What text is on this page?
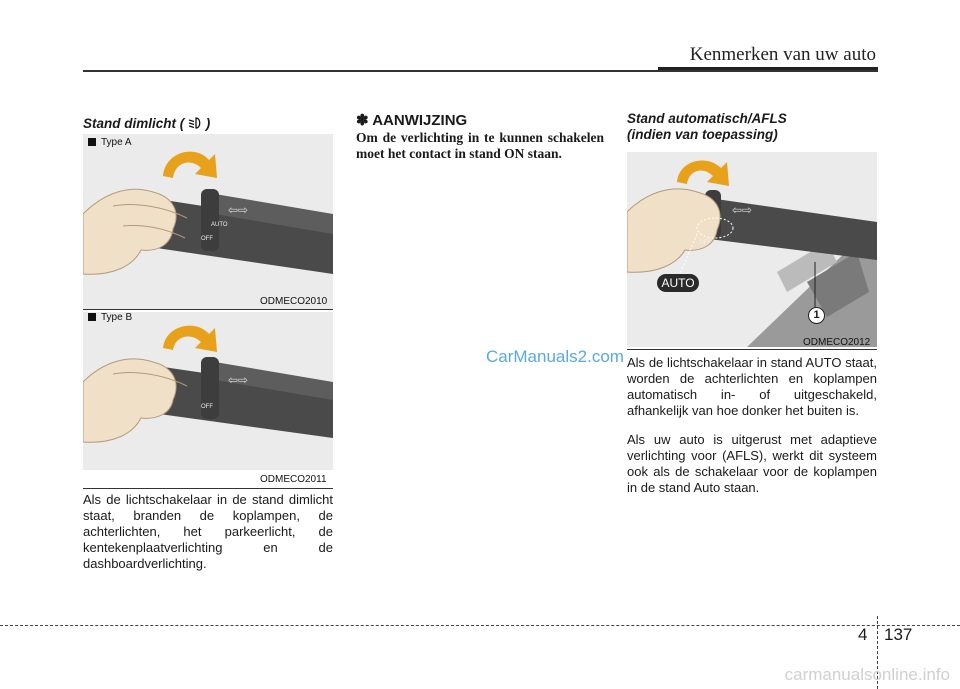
Kenmerken van uw auto
Stand dimlicht ( )
⇦⇨
AUTO
OFF
Type A
ODMECO2010
⇦⇨
OFF
Type B
ODMECO2011
Als de lichtschakelaar in de stand dimlicht staat, branden de koplampen, de achterlichten, het parkeerlicht, de kentekenplaatverlichting en de dashboardverlichting.
✽ AANWIJZING
Om de verlichting in te kunnen schakelen moet het contact in stand ON staan.
CarManuals2.com
Stand automatisch/AFLS
(indien van toepassing)
⇦⇨
OFF
AUTO
1
ODMECO2012
Als de lichtschakelaar in stand AUTO staat, worden de achterlichten en koplampen automatisch in- of uitgeschakeld, afhankelijk van hoe donker het buiten is.
Als uw auto is uitgerust met adaptieve verlichting voor (AFLS), werkt dit systeem ook als de schakelaar voor de koplampen in de stand Auto staan.
4 137
carmanualsonline.info
